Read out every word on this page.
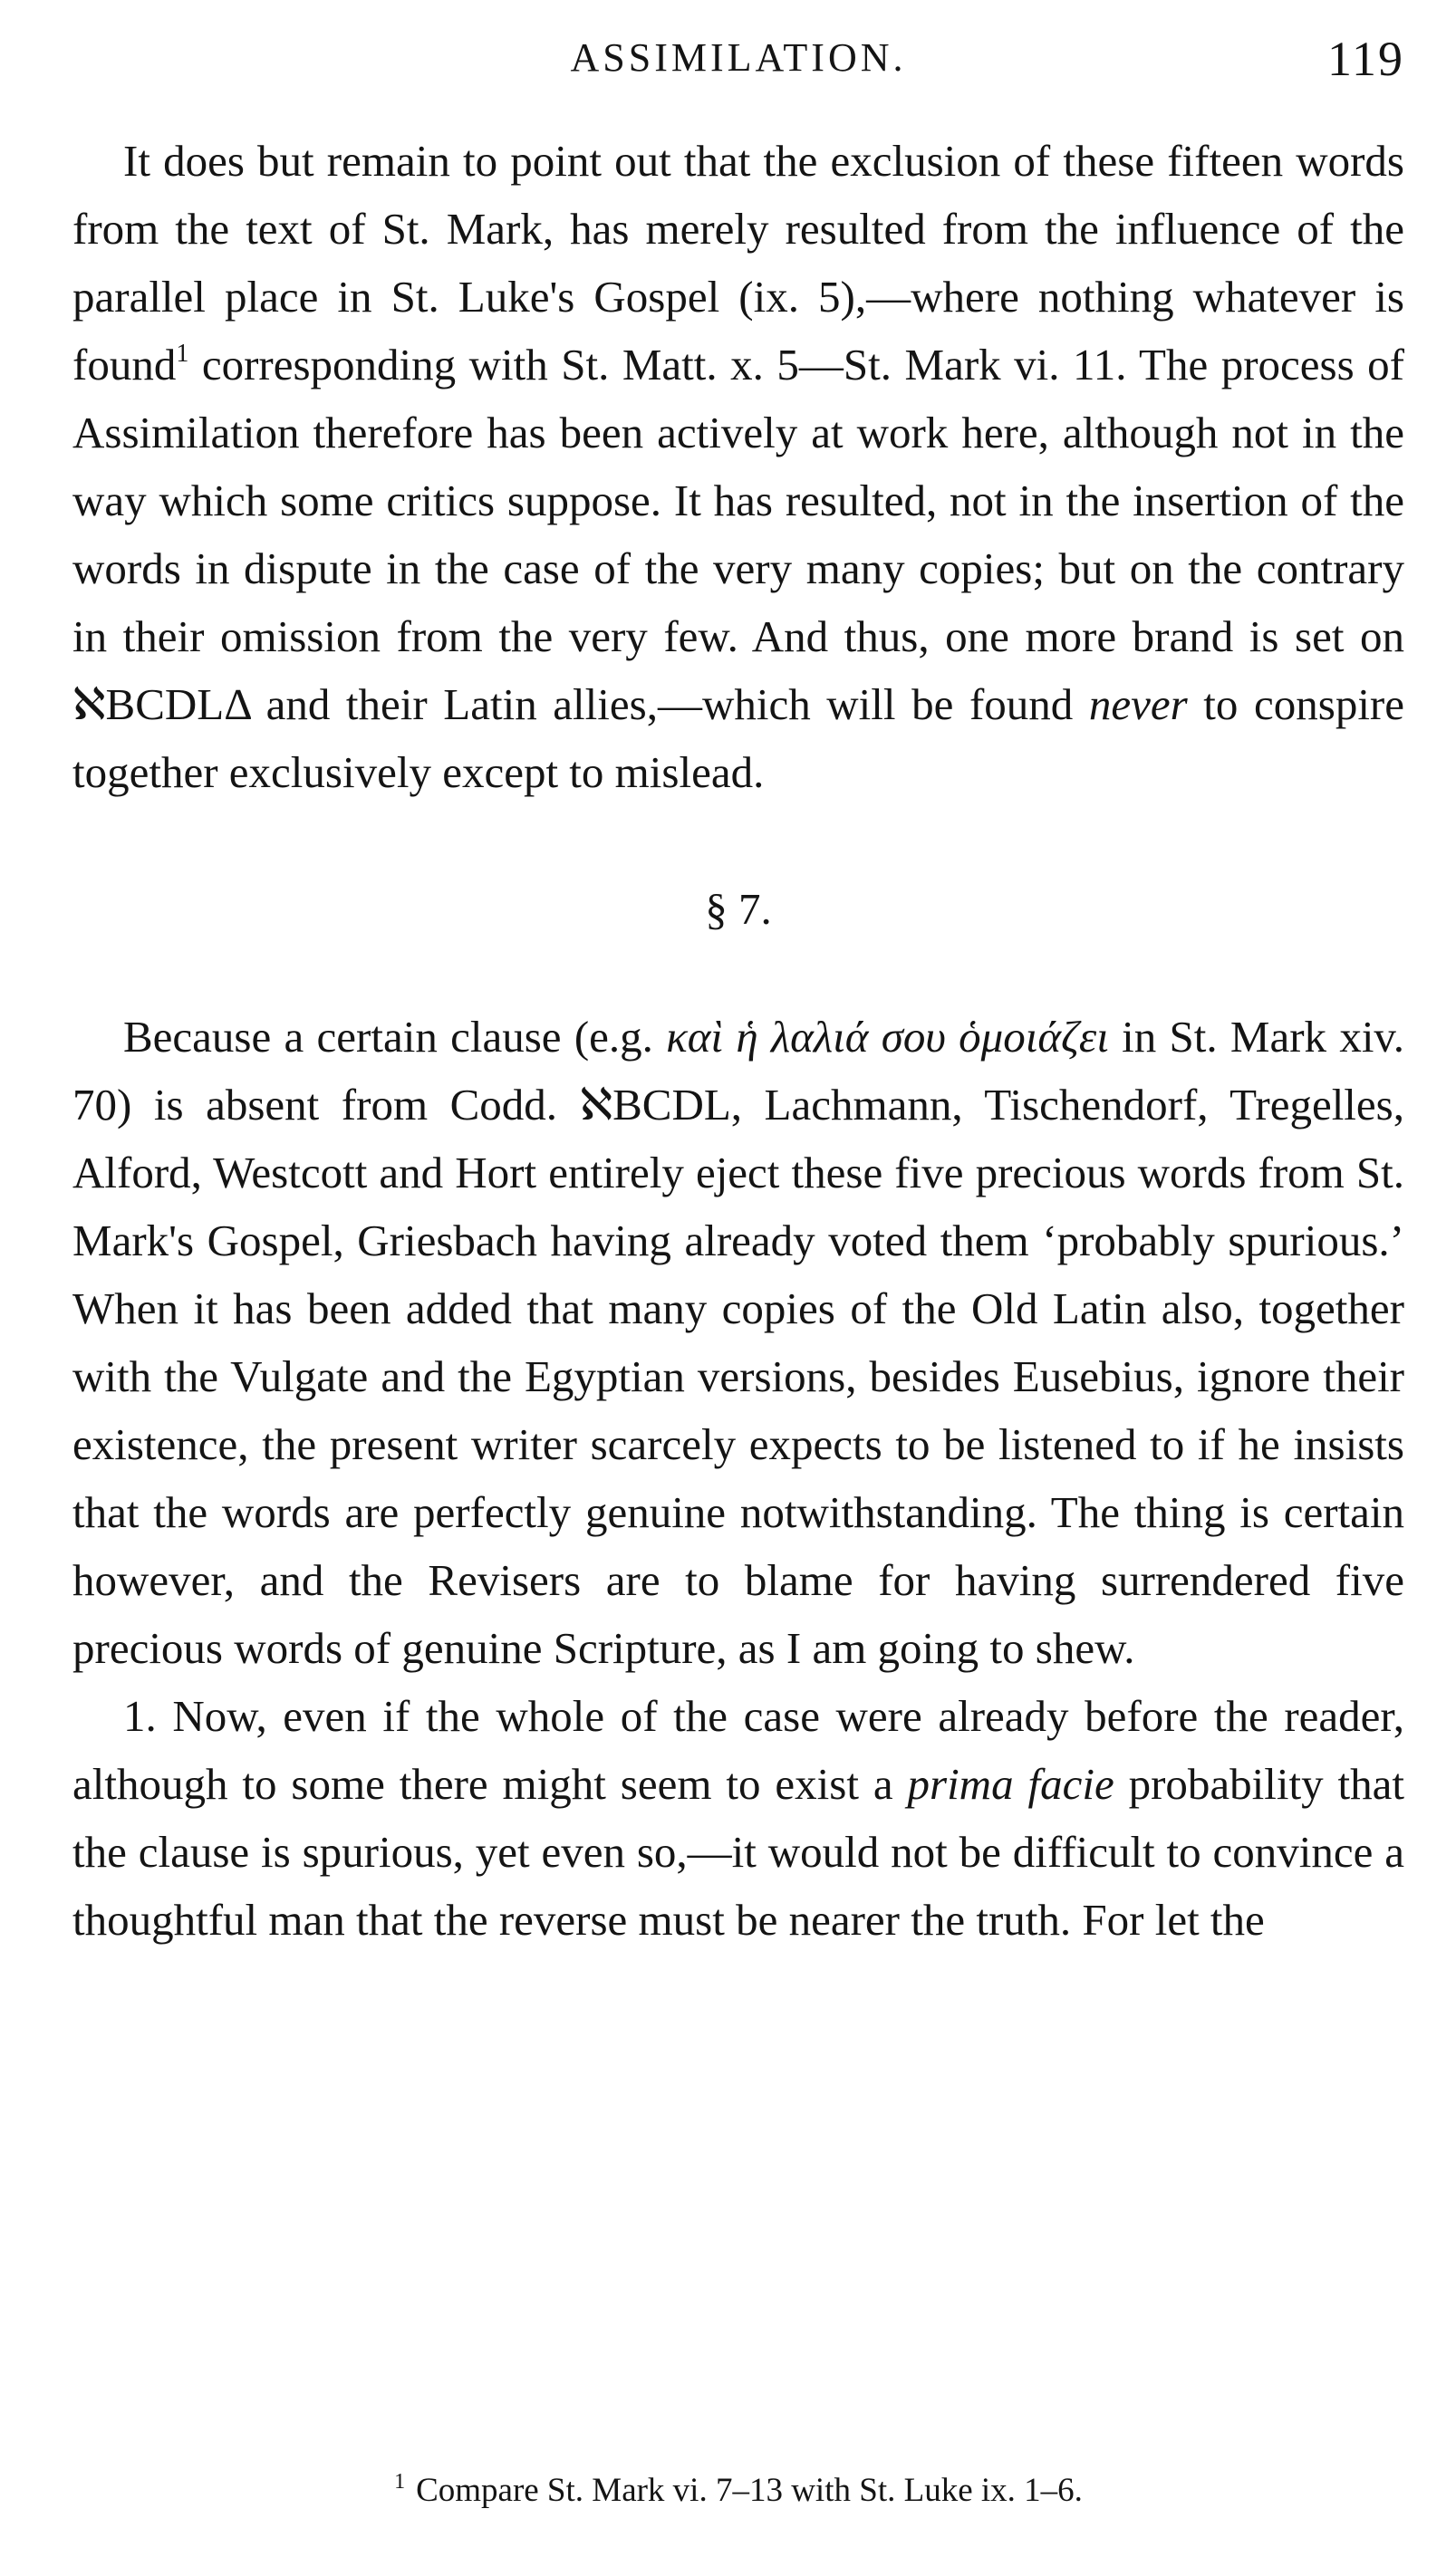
ASSIMILATION.	119

It does but remain to point out that the exclusion of these fifteen words from the text of St. Mark, has merely resulted from the influence of the parallel place in St. Luke's Gospel (ix. 5),—where nothing whatever is found$^1$ corresponding with St. Matt. x. 5—St. Mark vi. 11. The process of Assimilation therefore has been actively at work here, although not in the way which some critics suppose. It has resulted, not in the insertion of the words in dispute in the case of the very many copies; but on the contrary in their omission from the very few. And thus, one more brand is set on ℵBCDLΔ and their Latin allies,—which will be found never to conspire together exclusively except to mislead.

§ 7.

Because a certain clause (e.g. καὶ ἡ λαλιά σου ὁμοιάζει in St. Mark xiv. 70) is absent from Codd. ℵBCDL, Lachmann, Tischendorf, Tregelles, Alford, Westcott and Hort entirely eject these five precious words from St. Mark's Gospel, Griesbach having already voted them ‘probably spurious.’ When it has been added that many copies of the Old Latin also, together with the Vulgate and the Egyptian versions, besides Eusebius, ignore their existence, the present writer scarcely expects to be listened to if he insists that the words are perfectly genuine notwithstanding. The thing is certain however, and the Revisers are to blame for having surrendered five precious words of genuine Scripture, as I am going to shew.

1. Now, even if the whole of the case were already before the reader, although to some there might seem to exist a prima facie probability that the clause is spurious, yet even so,—it would not be difficult to convince a thoughtful man that the reverse must be nearer the truth. For let the

$^1$ Compare St. Mark vi. 7–13 with St. Luke ix. 1–6.
